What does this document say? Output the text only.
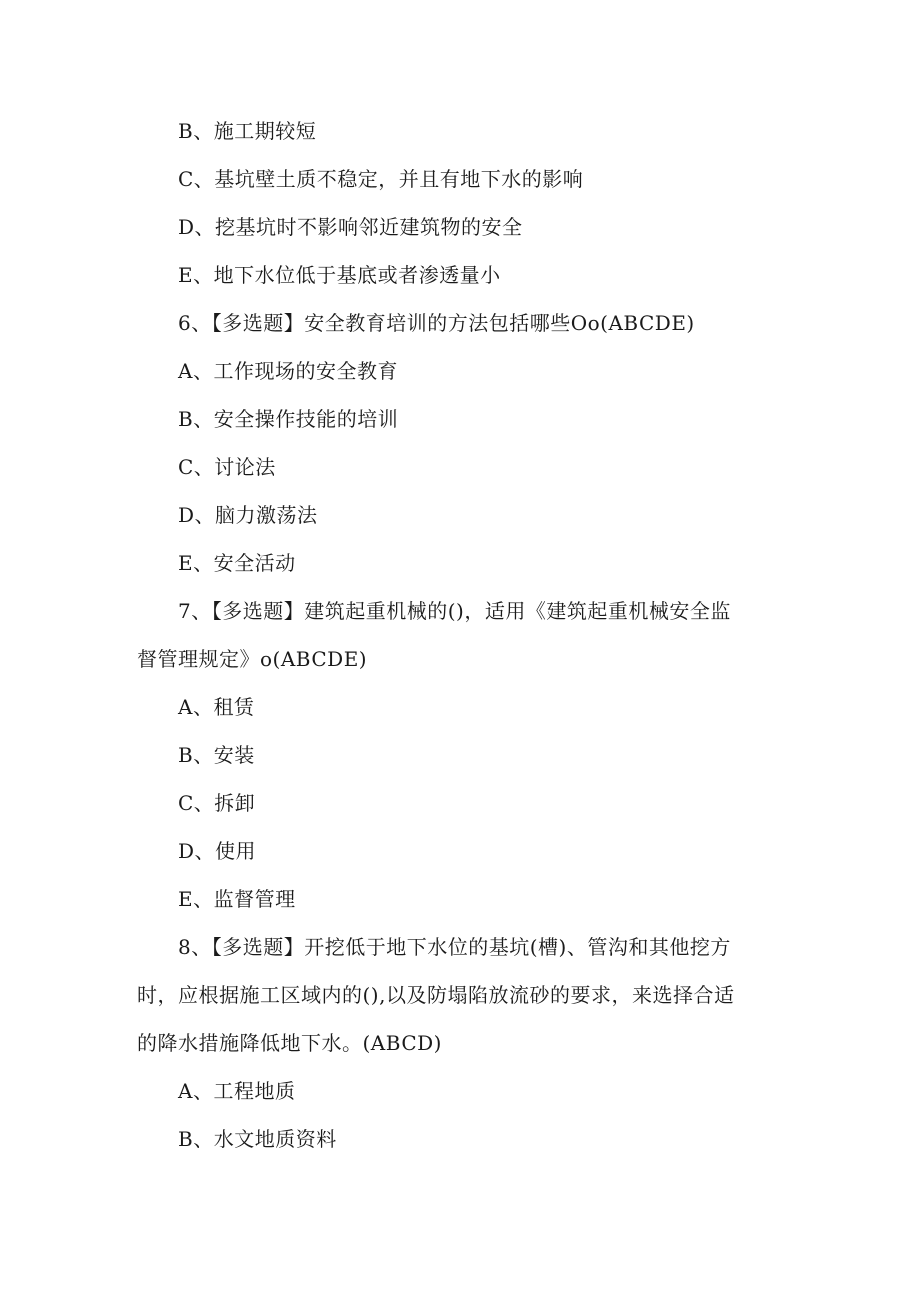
B、施工期较短
C、基坑壁土质不稳定，并且有地下水的影响
D、挖基坑时不影响邻近建筑物的安全
E、地下水位低于基底或者渗透量小
6、【多选题】安全教育培训的方法包括哪些Oo(ABCDE)
A、工作现场的安全教育
B、安全操作技能的培训
C、讨论法
D、脑力激荡法
E、安全活动
7、【多选题】建筑起重机械的()，适用《建筑起重机械安全监
督管理规定》o(ABCDE)
A、租赁
B、安装
C、拆卸
D、使用
E、监督管理
8、【多选题】开挖低于地下水位的基坑(槽)、管沟和其他挖方
时，应根据施工区域内的(),以及防塌陷放流砂的要求，来选择合适
的降水措施降低地下水。(ABCD)
A、工程地质
B、水文地质资料
